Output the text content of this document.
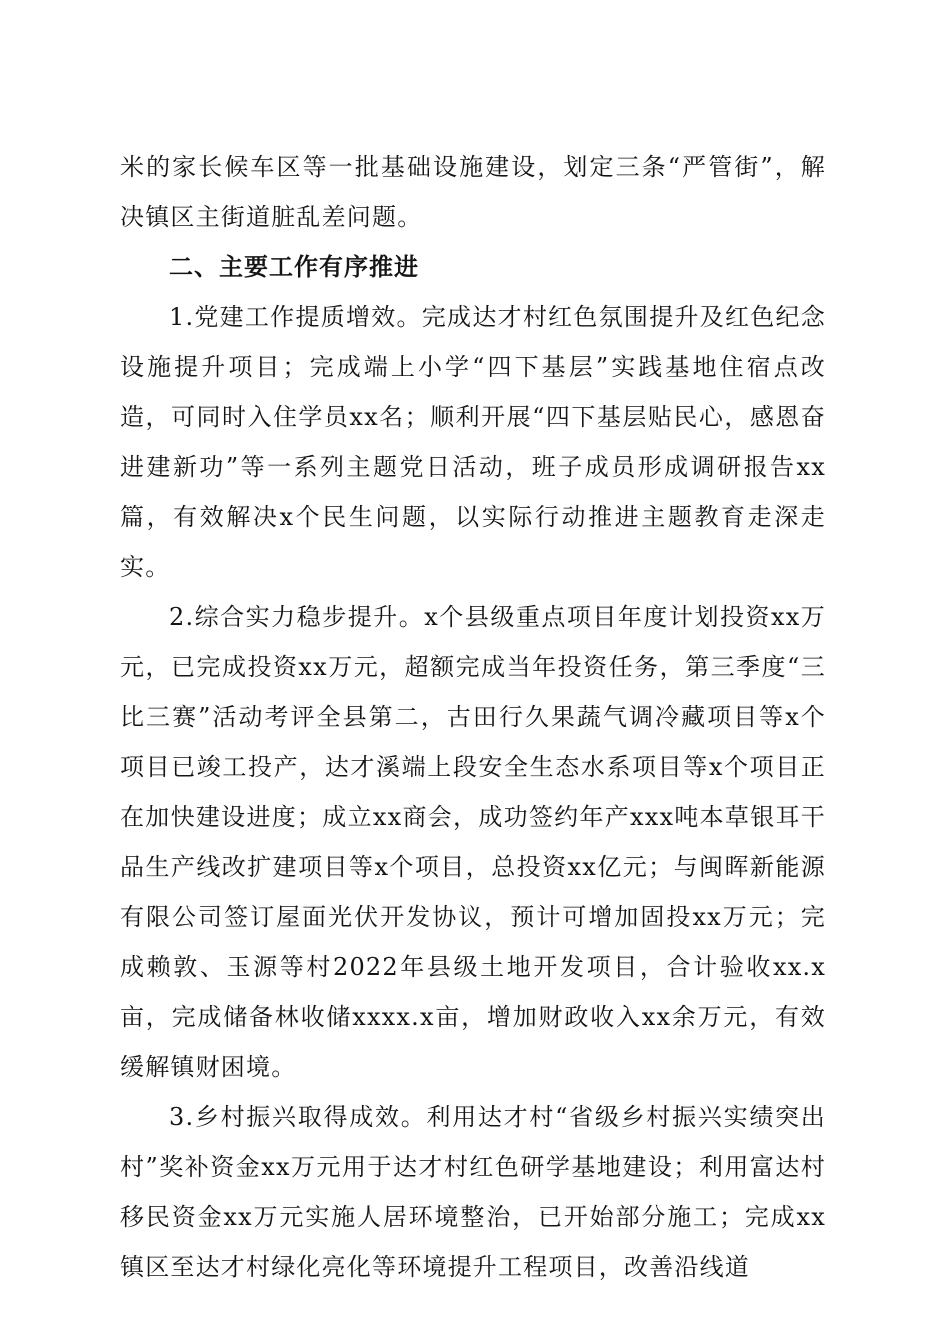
米的家长候车区等一批基础设施建设，划定三条“严管街”，解决镇区主街道脏乱差问题。

二、主要工作有序推进

1.党建工作提质增效。完成达才村红色氛围提升及红色纪念设施提升项目；完成端上小学“四下基层”实践基地住宿点改造，可同时入住学员xx名；顺利开展“四下基层贴民心，感恩奋进建新功”等一系列主题党日活动，班子成员形成调研报告xx篇，有效解决x个民生问题，以实际行动推进主题教育走深走实。

2.综合实力稳步提升。x个县级重点项目年度计划投资xx万元，已完成投资xx万元，超额完成当年投资任务，第三季度“三比三赛”活动考评全县第二，古田行久果蔬气调冷藏项目等x个项目已竣工投产，达才溪端上段安全生态水系项目等x个项目正在加快建设进度；成立xx商会，成功签约年产xxx吨本草银耳干品生产线改扩建项目等x个项目，总投资xx亿元；与闽晖新能源有限公司签订屋面光伏开发协议，预计可增加固投xx万元；完成赖敦、玉源等村2022年县级土地开发项目，合计验收xx.x亩，完成储备林收储xxxx.x亩，增加财政收入xx余万元，有效缓解镇财困境。

3.乡村振兴取得成效。利用达才村“省级乡村振兴实绩突出村”奖补资金xx万元用于达才村红色研学基地建设；利用富达村移民资金xx万元实施人居环境整治，已开始部分施工；完成xx镇区至达才村绿化亮化等环境提升工程项目，改善沿线道
